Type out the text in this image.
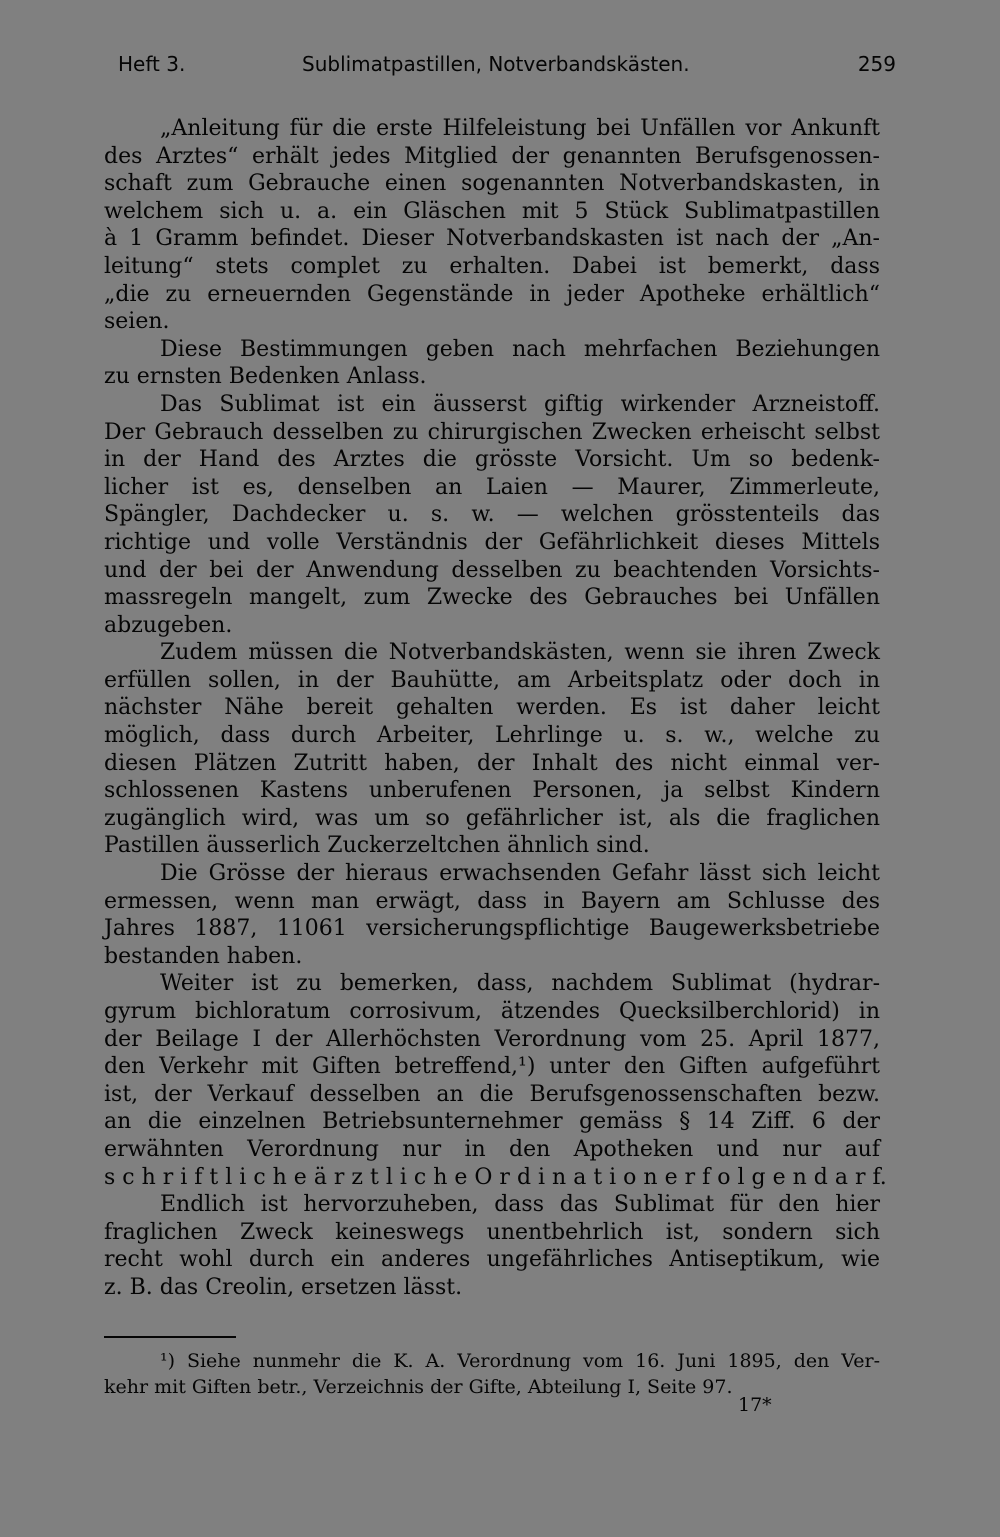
Heft 3.	Sublimatpastillen, Notverbandskästen.	259
„Anleitung für die erste Hilfeleistung bei Unfällen vor Ankunft
des Arztes“ erhält jedes Mitglied der genannten Berufsgenossen-
schaft zum Gebrauche einen sogenannten Notverbandskasten, in
welchem sich u. a. ein Gläschen mit 5 Stück Sublimatpastillen
à 1 Gramm befindet. Dieser Notverbandskasten ist nach der „An-
leitung“ stets complet zu erhalten. Dabei ist bemerkt, dass
„die zu erneuernden Gegenstände in jeder Apotheke erhältlich“
seien.
Diese Bestimmungen geben nach mehrfachen Beziehungen
zu ernsten Bedenken Anlass.
Das Sublimat ist ein äusserst giftig wirkender Arzneistoff.
Der Gebrauch desselben zu chirurgischen Zwecken erheischt selbst
in der Hand des Arztes die grösste Vorsicht. Um so bedenk-
licher ist es, denselben an Laien — Maurer, Zimmerleute,
Spängler, Dachdecker u. s. w. — welchen grösstenteils das
richtige und volle Verständnis der Gefährlichkeit dieses Mittels
und der bei der Anwendung desselben zu beachtenden Vorsichts-
massregeln mangelt, zum Zwecke des Gebrauches bei Unfällen
abzugeben.
Zudem müssen die Notverbandskästen, wenn sie ihren Zweck
erfüllen sollen, in der Bauhütte, am Arbeitsplatz oder doch in
nächster Nähe bereit gehalten werden. Es ist daher leicht
möglich, dass durch Arbeiter, Lehrlinge u. s. w., welche zu
diesen Plätzen Zutritt haben, der Inhalt des nicht einmal ver-
schlossenen Kastens unberufenen Personen, ja selbst Kindern
zugänglich wird, was um so gefährlicher ist, als die fraglichen
Pastillen äusserlich Zuckerzeltchen ähnlich sind.
Die Grösse der hieraus erwachsenden Gefahr lässt sich leicht
ermessen, wenn man erwägt, dass in Bayern am Schlusse des
Jahres 1887, 11061 versicherungspflichtige Baugewerksbetriebe
bestanden haben.
Weiter ist zu bemerken, dass, nachdem Sublimat (hydrar-
gyrum bichloratum corrosivum, ätzendes Quecksilberchlorid) in
der Beilage I der Allerhöchsten Verordnung vom 25. April 1877,
den Verkehr mit Giften betreffend,¹) unter den Giften aufgeführt
ist, der Verkauf desselben an die Berufsgenossenschaften bezw.
an die einzelnen Betriebsunternehmer gemäss § 14 Ziff. 6 der
erwähnten Verordnung nur in den Apotheken und nur auf
s c h r i f t l i c h e ä r z t l i c h e O r d i n a t i o n e r f o l g e n d a r f.
Endlich ist hervorzuheben, dass das Sublimat für den hier
fraglichen Zweck keineswegs unentbehrlich ist, sondern sich
recht wohl durch ein anderes ungefährliches Antiseptikum, wie
z. B. das Creolin, ersetzen lässt.
¹) Siehe nunmehr die K. A. Verordnung vom 16. Juni 1895, den Ver-
kehr mit Giften betr., Verzeichnis der Gifte, Abteilung I, Seite 97.
17*
